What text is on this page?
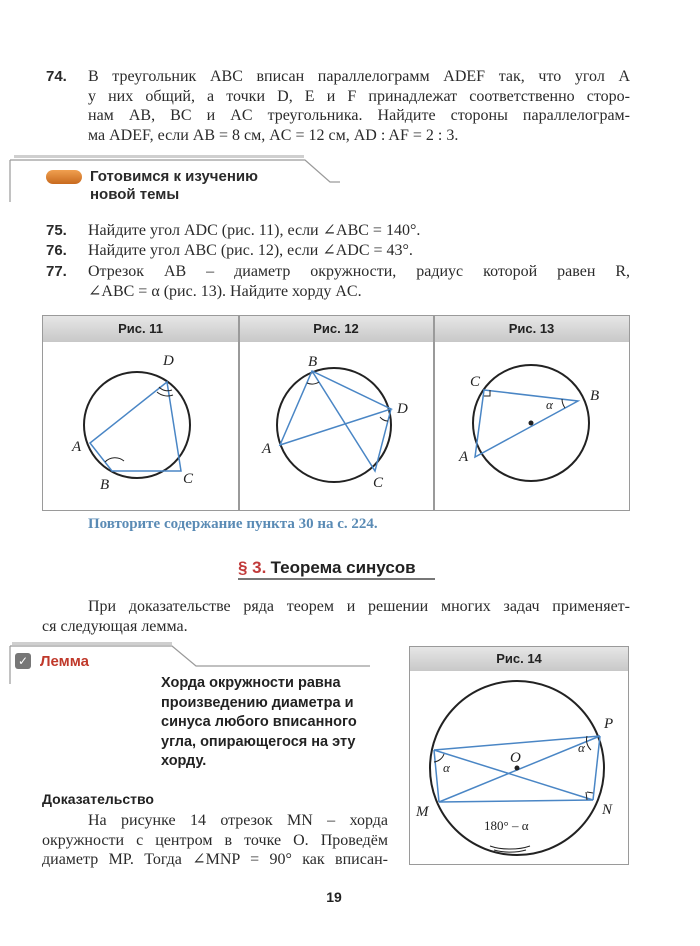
74. В треугольник ABC вписан параллелограмм ADEF так, что угол A
у них общий, а точки D, E и F принадлежат соответственно сторо-
нам AB, BC и AC треугольника. Найдите стороны параллелограм-
ма ADEF, если AB = 8 см, AC = 12 см, AD : AF = 2 : 3.
Готовимся к изучению
новой темы
75. Найдите угол ADC (рис. 11), если ∠ABC = 140°.
76. Найдите угол ABC (рис. 12), если ∠ADC = 43°.
77. Отрезок AB – диаметр окружности, радиус которой равен R,
∠ABC = α (рис. 13). Найдите хорду AC.
Рис. 11	Рис. 12	Рис. 13
D
A
B	C
B
D
A
C
C
B
A
α
Повторите содержание пункта 30 на с. 224.
§ 3. Теорема синусов
При доказательстве ряда теорем и решении многих задач применяет-
ся следующая лемма.
✓ Лемма
Хорда окружности равна
произведению диаметра и
синуса любого вписанного
угла, опирающегося на эту
хорду.
Доказательство
На рисунке 14 отрезок MN – хорда
окружности с центром в точке O. Проведём
диаметр MP. Тогда ∠MNP = 90° как вписан-
Рис. 14
M	N
P
O
α
α
180° – α
19
